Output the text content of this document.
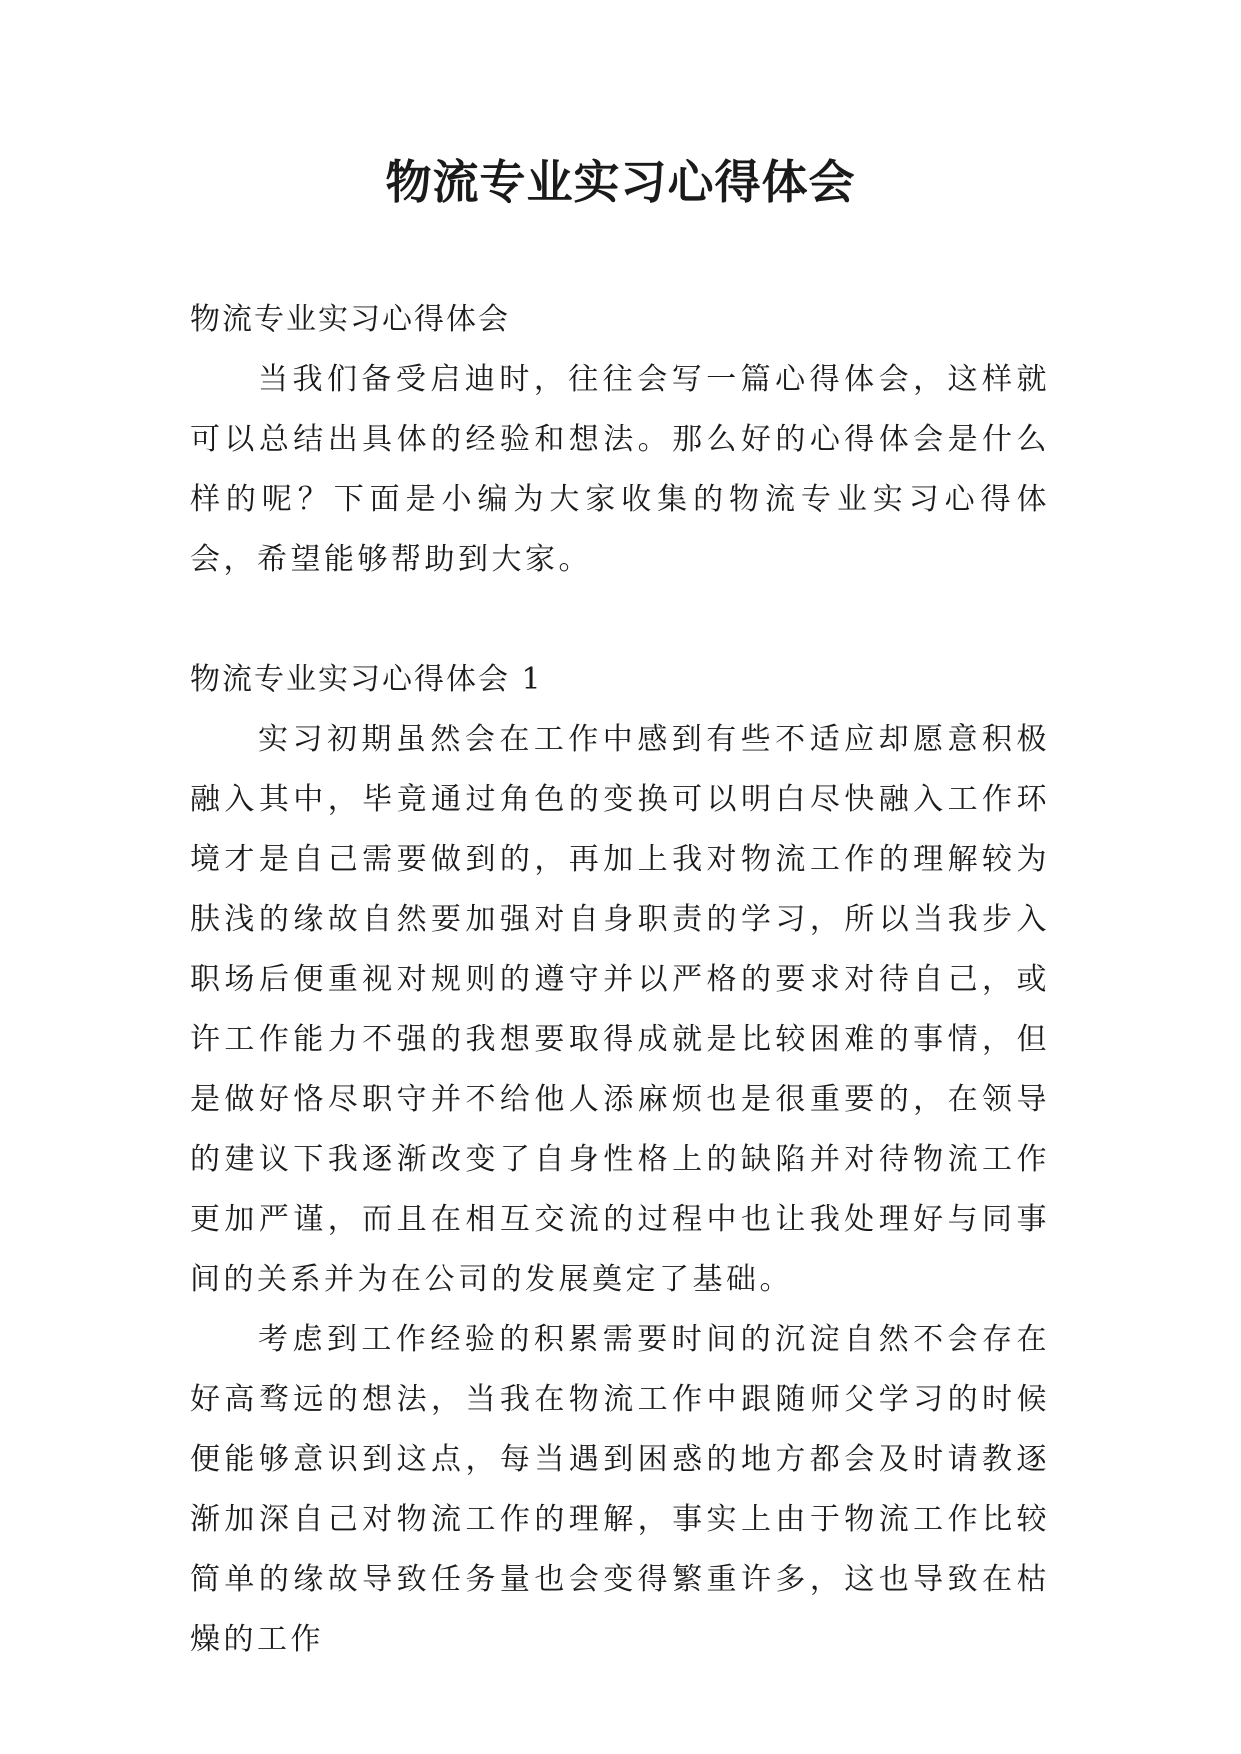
物流专业实习心得体会

物流专业实习心得体会

当我们备受启迪时，往往会写一篇心得体会，这样就可以总结出具体的经验和想法。那么好的心得体会是什么样的呢？下面是小编为大家收集的物流专业实习心得体会，希望能够帮助到大家。

物流专业实习心得体会 1

实习初期虽然会在工作中感到有些不适应却愿意积极融入其中，毕竟通过角色的变换可以明白尽快融入工作环境才是自己需要做到的，再加上我对物流工作的理解较为肤浅的缘故自然要加强对自身职责的学习，所以当我步入职场后便重视对规则的遵守并以严格的要求对待自己，或许工作能力不强的我想要取得成就是比较困难的事情，但是做好恪尽职守并不给他人添麻烦也是很重要的，在领导的建议下我逐渐改变了自身性格上的缺陷并对待物流工作更加严谨，而且在相互交流的过程中也让我处理好与同事间的关系并为在公司的发展奠定了基础。

考虑到工作经验的积累需要时间的沉淀自然不会存在好高骛远的想法，当我在物流工作中跟随师父学习的时候便能够意识到这点，每当遇到困惑的地方都会及时请教逐渐加深自己对物流工作的理解，事实上由于物流工作比较简单的缘故导致任务量也会变得繁重许多，这也导致在枯燥的工作
